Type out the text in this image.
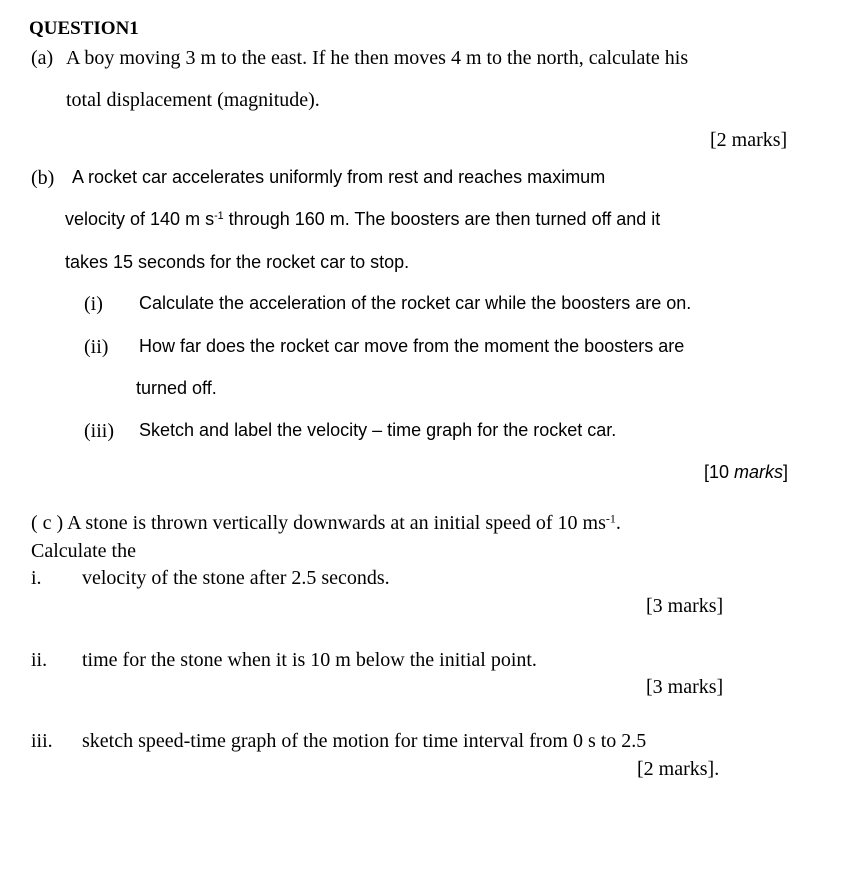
QUESTION1
(a) A boy moving 3 m to the east. If he then moves 4 m to the north, calculate his
total displacement (magnitude).
[2 marks]
(b) A rocket car accelerates uniformly from rest and reaches maximum
velocity of 140 m $s^{-1}$ through 160 m. The boosters are then turned off and it
takes 15 seconds for the rocket car to stop.
(i) Calculate the acceleration of the rocket car while the boosters are on.
(ii) How far does the rocket car move from the moment the boosters are
turned off.
(iii) Sketch and label the velocity – time graph for the rocket car.
[10 marks]
( c ) A stone is thrown vertically downwards at an initial speed of 10 $ms^{-1}$.
Calculate the
i. velocity of the stone after 2.5 seconds.
[3 marks]
ii. time for the stone when it is 10 m below the initial point.
[3 marks]
iii. sketch speed-time graph of the motion for time interval from 0 s to 2.5
[2 marks].
